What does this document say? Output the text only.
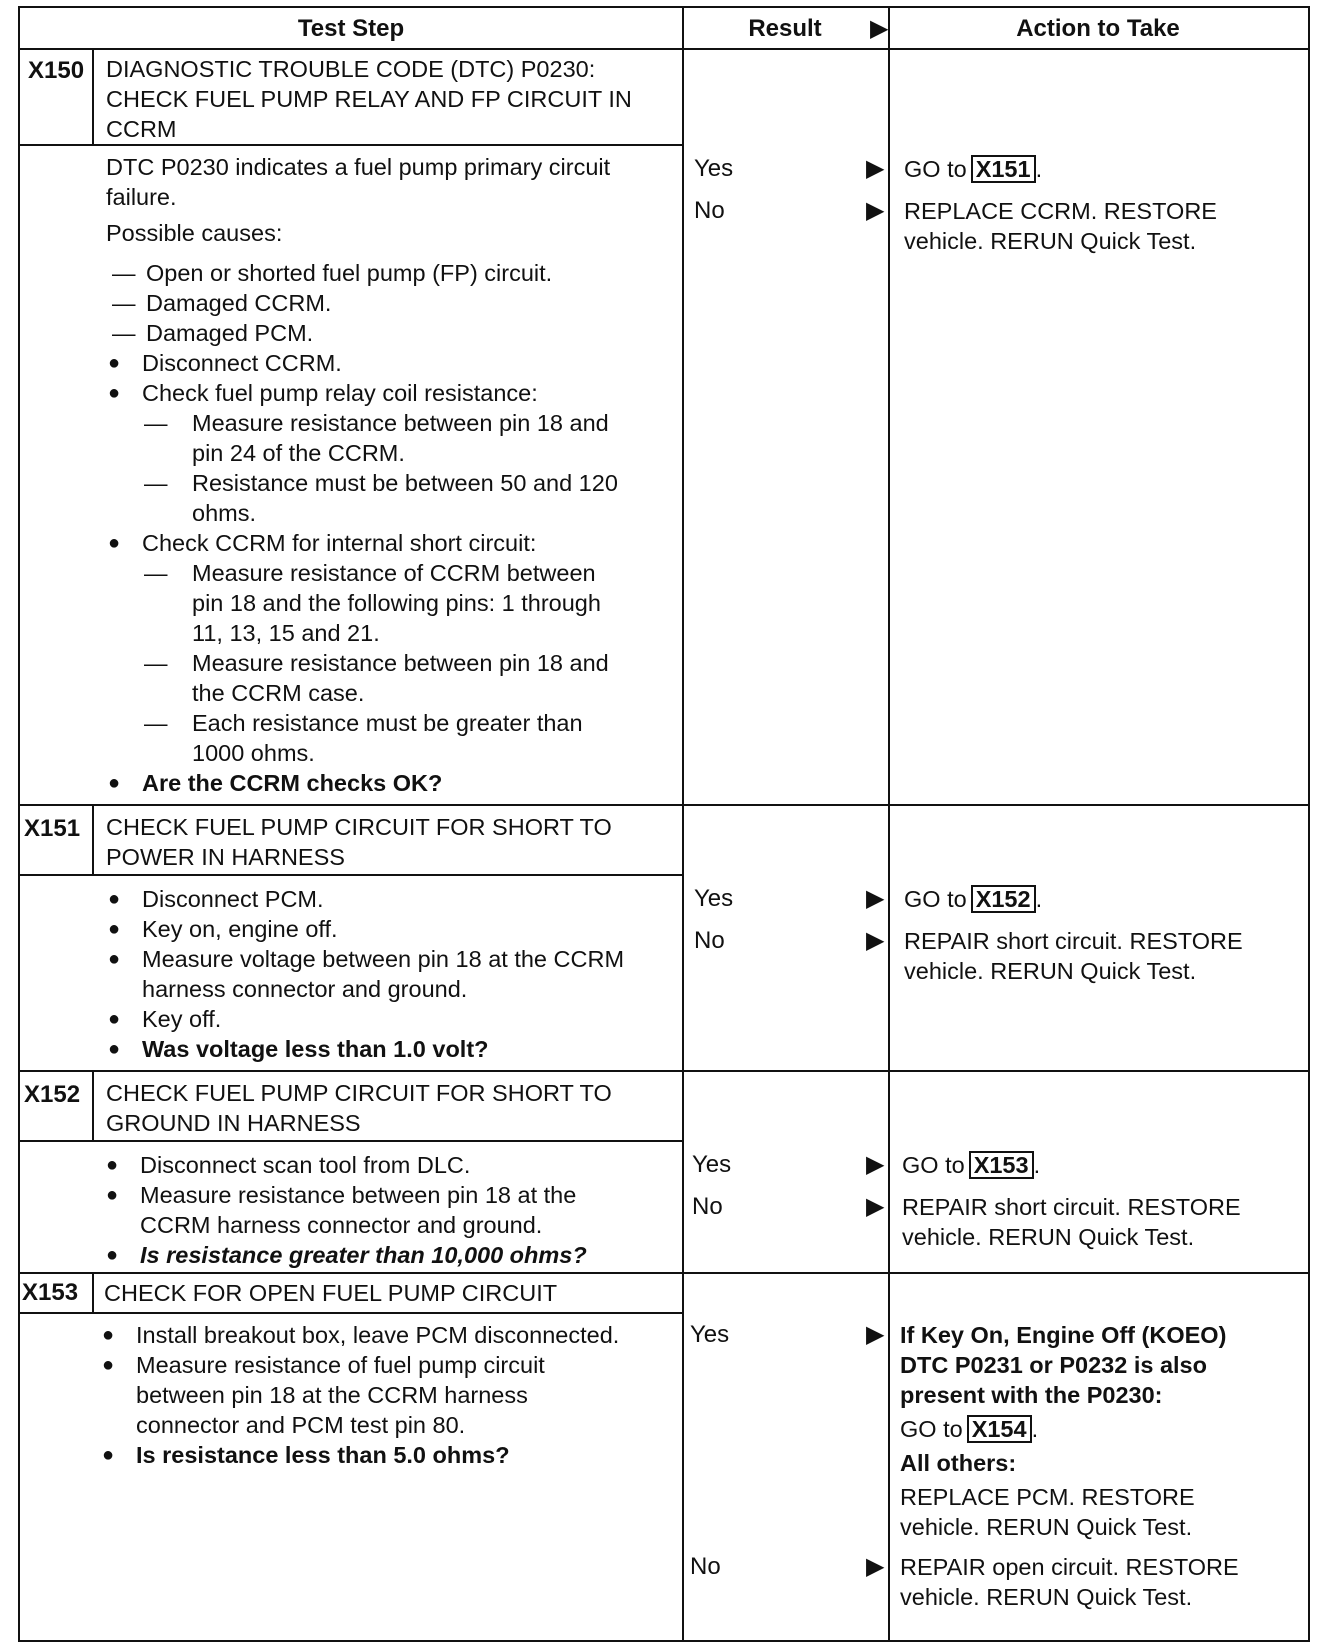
Test Step	Result ▶	Action to Take
X150 DIAGNOSTIC TROUBLE CODE (DTC) P0230:
CHECK FUEL PUMP RELAY AND FP CIRCUIT IN
CCRM
DTC P0230 indicates a fuel pump primary circuit
failure.
Possible causes:
— Open or shorted fuel pump (FP) circuit.
— Damaged CCRM.
— Damaged PCM.
● Disconnect CCRM.
● Check fuel pump relay coil resistance:
— Measure resistance between pin 18 and
pin 24 of the CCRM.
— Resistance must be between 50 and 120
ohms.
● Check CCRM for internal short circuit:
— Measure resistance of CCRM between
pin 18 and the following pins: 1 through
11, 13, 15 and 21.
— Measure resistance between pin 18 and
the CCRM case.
— Each resistance must be greater than
1000 ohms.
● Are the CCRM checks OK?
Yes	▶ GO to X151 .
No	▶ REPLACE CCRM. RESTORE
vehicle. RERUN Quick Test.
X151 CHECK FUEL PUMP CIRCUIT FOR SHORT TO
POWER IN HARNESS
● Disconnect PCM.
● Key on, engine off.
● Measure voltage between pin 18 at the CCRM
harness connector and ground.
● Key off.
● Was voltage less than 1.0 volt?
Yes	▶ GO to X152 .
No	▶ REPAIR short circuit. RESTORE
vehicle. RERUN Quick Test.
X152 CHECK FUEL PUMP CIRCUIT FOR SHORT TO
GROUND IN HARNESS
● Disconnect scan tool from DLC.
● Measure resistance between pin 18 at the
CCRM harness connector and ground.
● Is resistance greater than 10,000 ohms?
Yes	▶ GO to X153 .
No	▶ REPAIR short circuit. RESTORE
vehicle. RERUN Quick Test.
X153 CHECK FOR OPEN FUEL PUMP CIRCUIT
● Install breakout box, leave PCM disconnected.
● Measure resistance of fuel pump circuit
between pin 18 at the CCRM harness
connector and PCM test pin 80.
● Is resistance less than 5.0 ohms?
Yes	▶ If Key On, Engine Off (KOEO)
DTC P0231 or P0232 is also
present with the P0230:
GO to X154 .
All others:
REPLACE PCM. RESTORE
vehicle. RERUN Quick Test.
No	▶ REPAIR open circuit. RESTORE
vehicle. RERUN Quick Test.
